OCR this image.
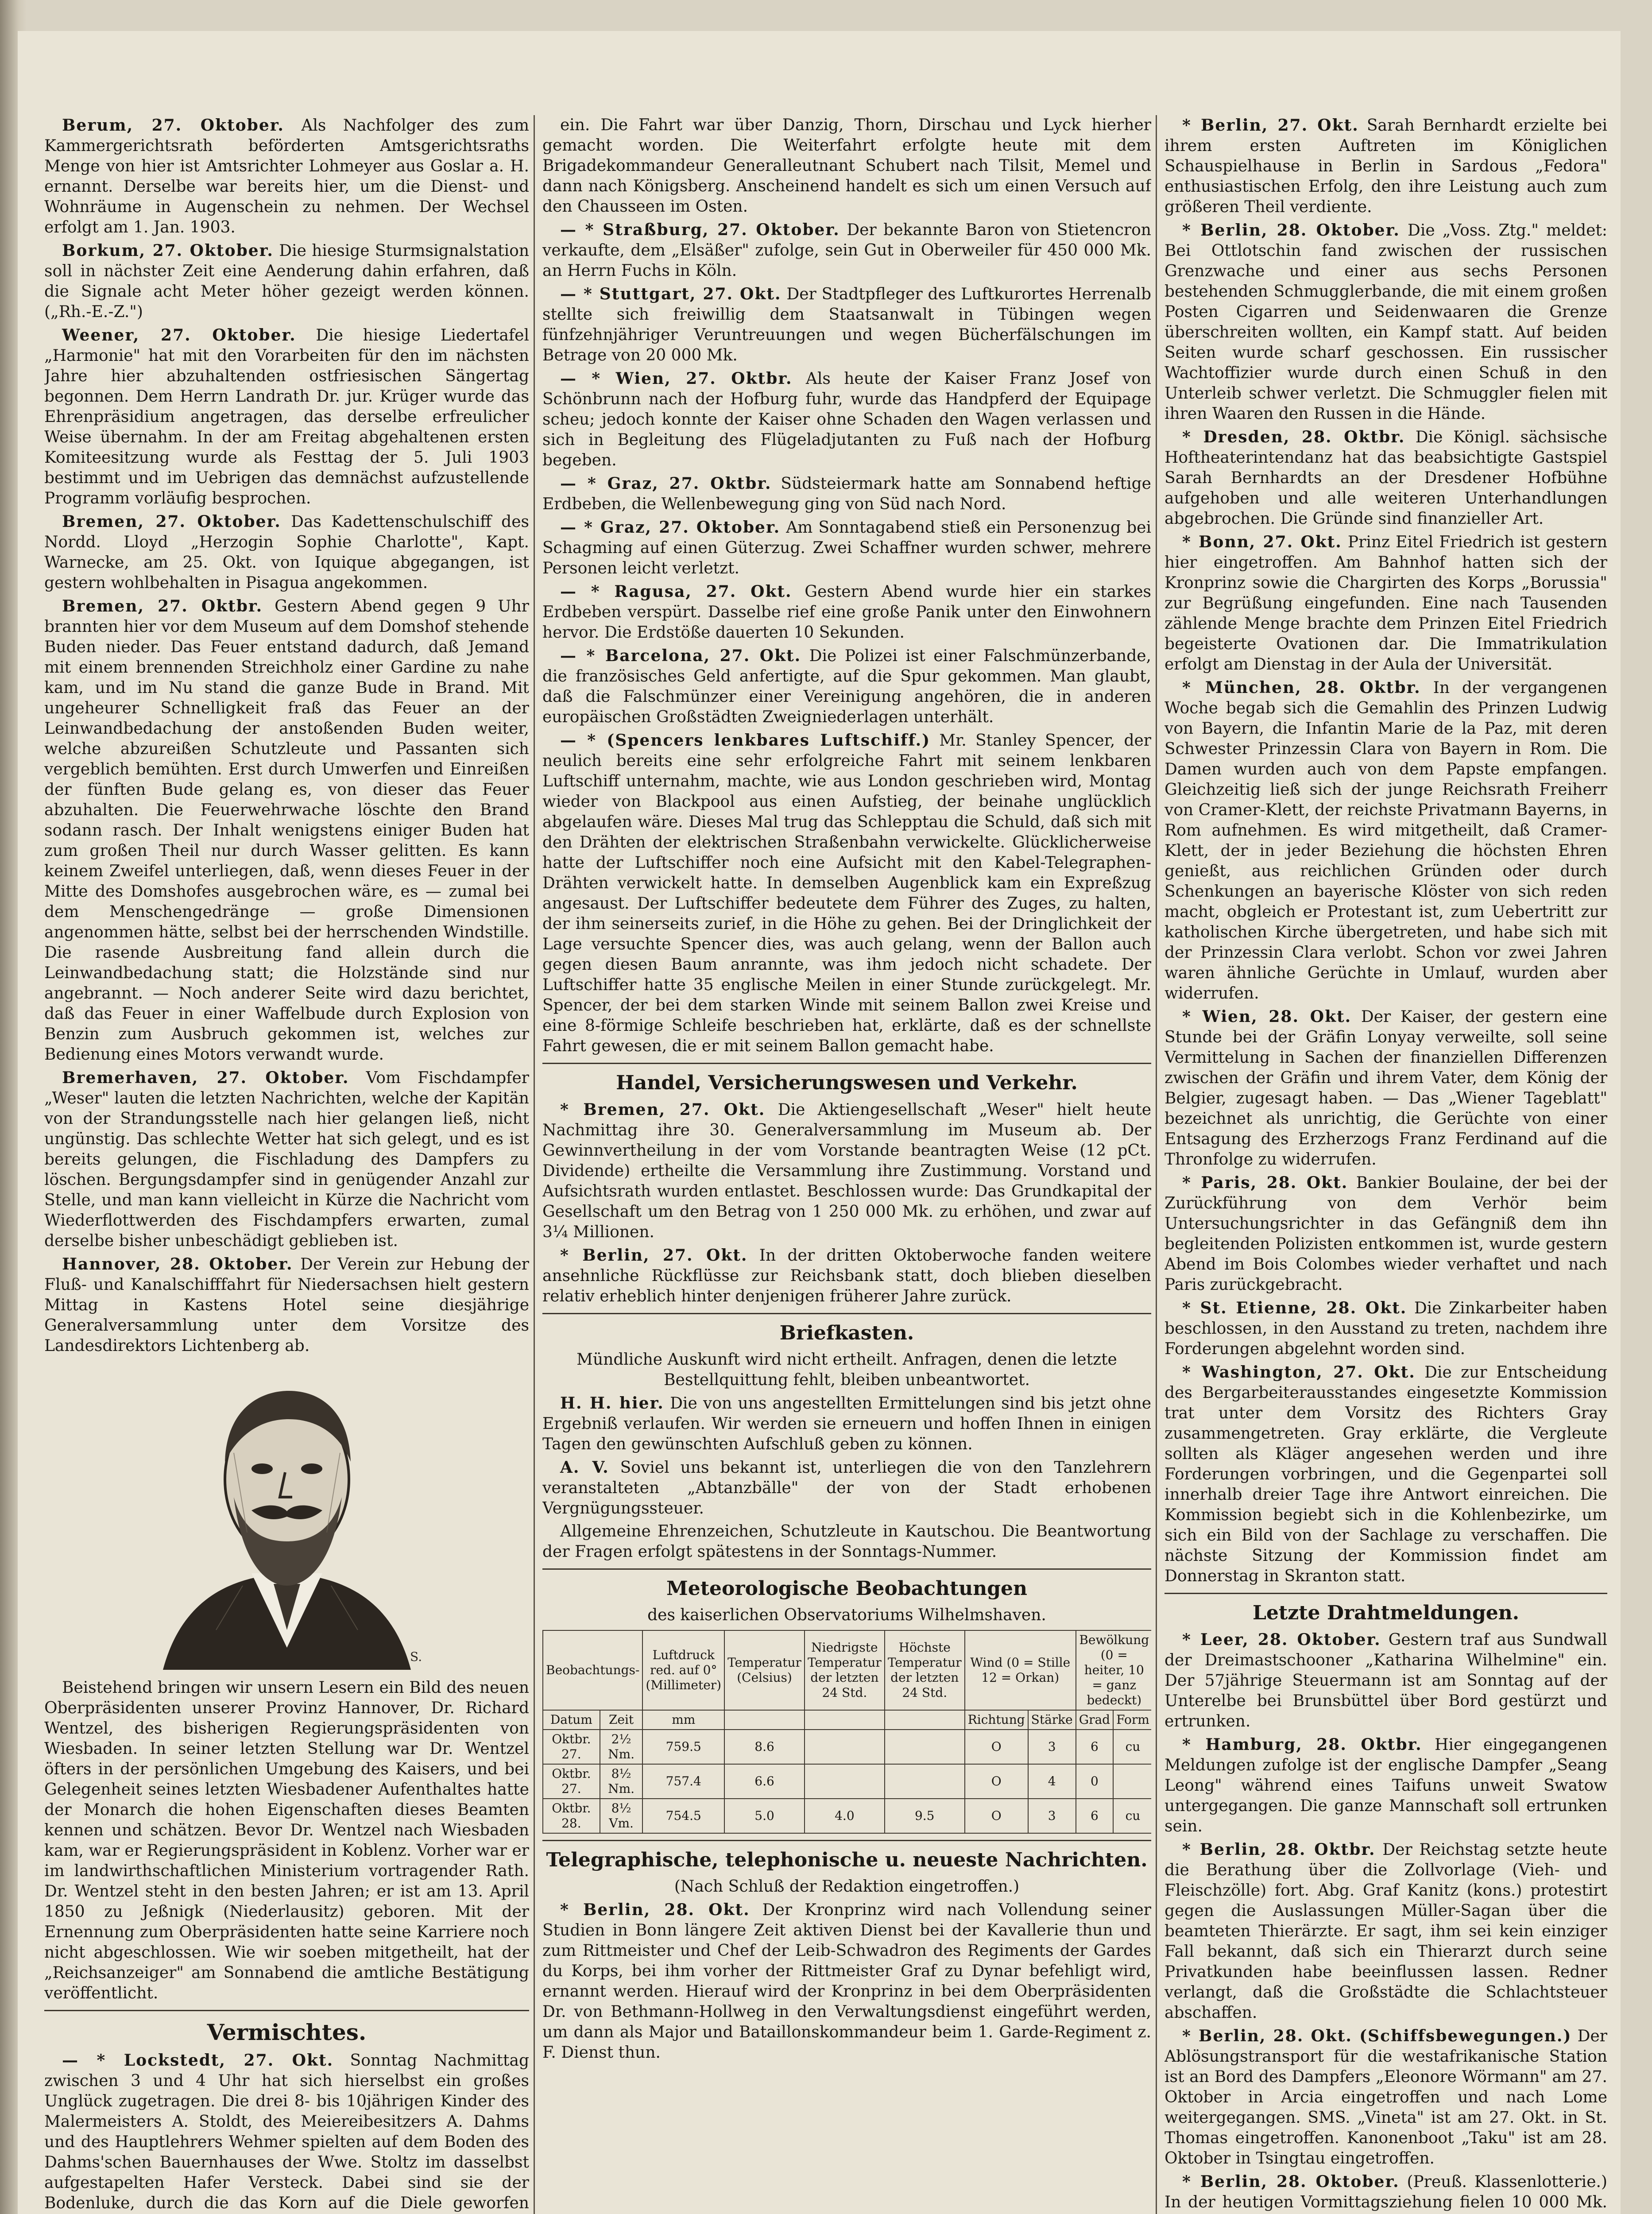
Berum, 27. Oktober. Als Nachfolger des zum Kammergerichtsrath beförderten Amtsgerichtsraths Menge von hier ist Amtsrichter Lohmeyer aus Goslar a. H. ernannt. Derselbe war bereits hier, um die Dienst- und Wohnräume in Augenschein zu nehmen. Der Wechsel erfolgt am 1. Jan. 1903.

Borkum, 27. Oktober. Die hiesige Sturmsignalstation soll in nächster Zeit eine Aenderung dahin erfahren, daß die Signale acht Meter höher gezeigt werden können. („Rh.-E.-Z.")

Weener, 27. Oktober. Die hiesige Liedertafel „Harmonie" hat mit den Vorarbeiten für den im nächsten Jahre hier abzuhaltenden ostfriesischen Sängertag begonnen. Dem Herrn Landrath Dr. jur. Krüger wurde das Ehrenpräsidium angetragen, das derselbe erfreulicher Weise übernahm. In der am Freitag abgehaltenen ersten Komiteesitzung wurde als Festtag der 5. Juli 1903 bestimmt und im Uebrigen das demnächst aufzustellende Programm vorläufig besprochen.

Bremen, 27. Oktober. Das Kadettenschulschiff des Nordd. Lloyd „Herzogin Sophie Charlotte", Kapt. Warnecke, am 25. Okt. von Iquique abgegangen, ist gestern wohlbehalten in Pisagua angekommen.

Bremen, 27. Oktbr. Gestern Abend gegen 9 Uhr brannten hier vor dem Museum auf dem Domshof stehende Buden nieder. Das Feuer entstand dadurch, daß Jemand mit einem brennenden Streichholz einer Gardine zu nahe kam, und im Nu stand die ganze Bude in Brand. Mit ungeheurer Schnelligkeit fraß das Feuer an der Leinwandbedachung der anstoßenden Buden weiter, welche abzureißen Schutzleute und Passanten sich vergeblich bemühten. Erst durch Umwerfen und Einreißen der fünften Bude gelang es, von dieser das Feuer abzuhalten. Die Feuerwehrwache löschte den Brand sodann rasch. Der Inhalt wenigstens einiger Buden hat zum großen Theil nur durch Wasser gelitten. Es kann keinem Zweifel unterliegen, daß, wenn dieses Feuer in der Mitte des Domshofes ausgebrochen wäre, es — zumal bei dem Menschengedränge — große Dimensionen angenommen hätte, selbst bei der herrschenden Windstille. Die rasende Ausbreitung fand allein durch die Leinwandbedachung statt; die Holzstände sind nur angebrannt. — Noch anderer Seite wird dazu berichtet, daß das Feuer in einer Waffelbude durch Explosion von Benzin zum Ausbruch gekommen ist, welches zur Bedienung eines Motors verwandt wurde.

Bremerhaven, 27. Oktober. Vom Fischdampfer „Weser" lauten die letzten Nachrichten, welche der Kapitän von der Strandungsstelle nach hier gelangen ließ, nicht ungünstig. Das schlechte Wetter hat sich gelegt, und es ist bereits gelungen, die Fischladung des Dampfers zu löschen. Bergungsdampfer sind in genügender Anzahl zur Stelle, und man kann vielleicht in Kürze die Nachricht vom Wiederflottwerden des Fischdampfers erwarten, zumal derselbe bisher unbeschädigt geblieben ist.

Hannover, 28. Oktober. Der Verein zur Hebung der Fluß- und Kanalschifffahrt für Niedersachsen hielt gestern Mittag in Kastens Hotel seine diesjährige Generalversammlung unter dem Vorsitze des Landesdirektors Lichtenberg ab.

A. S.

Beistehend bringen wir unsern Lesern ein Bild des neuen Oberpräsidenten unserer Provinz Hannover, Dr. Richard Wentzel, des bisherigen Regierungspräsidenten von Wiesbaden. In seiner letzten Stellung war Dr. Wentzel öfters in der persönlichen Umgebung des Kaisers, und bei Gelegenheit seines letzten Wiesbadener Aufenthaltes hatte der Monarch die hohen Eigenschaften dieses Beamten kennen und schätzen. Bevor Dr. Wentzel nach Wiesbaden kam, war er Regierungspräsident in Koblenz. Vorher war er im landwirthschaftlichen Ministerium vortragender Rath. Dr. Wentzel steht in den besten Jahren; er ist am 13. April 1850 zu Jeßnigk (Niederlausitz) geboren. Mit der Ernennung zum Oberpräsidenten hatte seine Karriere noch nicht abgeschlossen. Wie wir soeben mitgetheilt, hat der „Reichsanzeiger" am Sonnabend die amtliche Bestätigung veröffentlicht.

Vermischtes.

— * Lockstedt, 27. Okt. Sonntag Nachmittag zwischen 3 und 4 Uhr hat sich hierselbst ein großes Unglück zugetragen. Die drei 8- bis 10jährigen Kinder des Malermeisters A. Stoldt, des Meiereibesitzers A. Dahms und des Hauptlehrers Wehmer spielten auf dem Boden des Dahms'schen Bauernhauses der Wwe. Stoltz im dasselbst aufgestapelten Hafer Versteck. Dabei sind sie der Bodenluke, durch die das Korn auf die Diele geworfen

ein. Die Fahrt war über Danzig, Thorn, Dirschau und Lyck hierher gemacht worden. Die Weiterfahrt erfolgte heute mit dem Brigadekommandeur Generalleutnant Schubert nach Tilsit, Memel und dann nach Königsberg. Anscheinend handelt es sich um einen Versuch auf den Chausseen im Osten.

— * Straßburg, 27. Oktober. Der bekannte Baron von Stietencron verkaufte, dem „Elsäßer" zufolge, sein Gut in Oberweiler für 450 000 Mk. an Herrn Fuchs in Köln.

— * Stuttgart, 27. Okt. Der Stadtpfleger des Luftkurortes Herrenalb stellte sich freiwillig dem Staatsanwalt in Tübingen wegen fünfzehnjähriger Veruntreuungen und wegen Bücherfälschungen im Betrage von 20 000 Mk.

— * Wien, 27. Oktbr. Als heute der Kaiser Franz Josef von Schönbrunn nach der Hofburg fuhr, wurde das Handpferd der Equipage scheu; jedoch konnte der Kaiser ohne Schaden den Wagen verlassen und sich in Begleitung des Flügeladjutanten zu Fuß nach der Hofburg begeben.

— * Graz, 27. Oktbr. Südsteiermark hatte am Sonnabend heftige Erdbeben, die Wellenbewegung ging von Süd nach Nord.

— * Graz, 27. Oktober. Am Sonntagabend stieß ein Personenzug bei Schagming auf einen Güterzug. Zwei Schaffner wurden schwer, mehrere Personen leicht verletzt.

— * Ragusa, 27. Okt. Gestern Abend wurde hier ein starkes Erdbeben verspürt. Dasselbe rief eine große Panik unter den Einwohnern hervor. Die Erdstöße dauerten 10 Sekunden.

— * Barcelona, 27. Okt. Die Polizei ist einer Falschmünzerbande, die französisches Geld anfertigte, auf die Spur gekommen. Man glaubt, daß die Falschmünzer einer Vereinigung angehören, die in anderen europäischen Großstädten Zweigniederlagen unterhält.

— * (Spencers lenkbares Luftschiff.) Mr. Stanley Spencer, der neulich bereits eine sehr erfolgreiche Fahrt mit seinem lenkbaren Luftschiff unternahm, machte, wie aus London geschrieben wird, Montag wieder von Blackpool aus einen Aufstieg, der beinahe unglücklich abgelaufen wäre. Dieses Mal trug das Schlepptau die Schuld, daß sich mit den Drähten der elektrischen Straßenbahn verwickelte. Glücklicherweise hatte der Luftschiffer noch eine Aufsicht mit den Kabel-Telegraphen-Drähten verwickelt hatte. In demselben Augenblick kam ein Expreßzug angesaust. Der Luftschiffer bedeutete dem Führer des Zuges, zu halten, der ihm seinerseits zurief, in die Höhe zu gehen. Bei der Dringlichkeit der Lage versuchte Spencer dies, was auch gelang, wenn der Ballon auch gegen diesen Baum anrannte, was ihm jedoch nicht schadete. Der Luftschiffer hatte 35 englische Meilen in einer Stunde zurückgelegt. Mr. Spencer, der bei dem starken Winde mit seinem Ballon zwei Kreise und eine 8-förmige Schleife beschrieben hat, erklärte, daß es der schnellste Fahrt gewesen, die er mit seinem Ballon gemacht habe.

Handel, Versicherungswesen und Verkehr.

* Bremen, 27. Okt. Die Aktiengesellschaft „Weser" hielt heute Nachmittag ihre 30. Generalversammlung im Museum ab. Der Gewinnvertheilung in der vom Vorstande beantragten Weise (12 pCt. Dividende) ertheilte die Versammlung ihre Zustimmung. Vorstand und Aufsichtsrath wurden entlastet. Beschlossen wurde: Das Grundkapital der Gesellschaft um den Betrag von 1 250 000 Mk. zu erhöhen, und zwar auf 3¼ Millionen.

* Berlin, 27. Okt. In der dritten Oktoberwoche fanden weitere ansehnliche Rückflüsse zur Reichsbank statt, doch blieben dieselben relativ erheblich hinter denjenigen früherer Jahre zurück.

Briefkasten.

Mündliche Auskunft wird nicht ertheilt. Anfragen, denen die letzte Bestellquittung fehlt, bleiben unbeantwortet.

H. H. hier. Die von uns angestellten Ermittelungen sind bis jetzt ohne Ergebniß verlaufen. Wir werden sie erneuern und hoffen Ihnen in einigen Tagen den gewünschten Aufschluß geben zu können.

A. V. Soviel uns bekannt ist, unterliegen die von den Tanzlehrern veranstalteten „Abtanzbälle" der von der Stadt erhobenen Vergnügungssteuer.

Allgemeine Ehrenzeichen, Schutzleute in Kautschou. Die Beantwortung der Fragen erfolgt spätestens in der Sonntags-Nummer.

Meteorologische Beobachtungen

des kaiserlichen Observatoriums Wilhelmshaven.

Beobachtungs-		Luftdruck red. auf 0° (Millimeter)	Temperatur (Celsius)	Niedrigste Temperatur der letzten 24 Std.	Höchste Temperatur der letzten 24 Std.	Wind (0 = Stille 12 = Orkan)		Bewölkung (0 = heiter, 10 = ganz bedeckt)	
Datum	Zeit	mm				Richtung	Stärke	Grad	Form	
Oktbr. 27.	2½ Nm.	759.5	8.6			O	3	6	cu	
Oktbr. 27.	8½ Nm.	757.4	6.6			O	4	0		
Oktbr. 28.	8½ Vm.	754.5	5.0	4.0	9.5	O	3	6	cu	
Telegraphische, telephonische u. neueste Nachrichten.

(Nach Schluß der Redaktion eingetroffen.)

* Berlin, 28. Okt. Der Kronprinz wird nach Vollendung seiner Studien in Bonn längere Zeit aktiven Dienst bei der Kavallerie thun und zum Rittmeister und Chef der Leib-Schwadron des Regiments der Gardes du Korps, bei ihm vorher der Rittmeister Graf zu Dynar befehligt wird, ernannt werden. Hierauf wird der Kronprinz in bei dem Oberpräsidenten Dr. von Bethmann-Hollweg in den Verwaltungsdienst eingeführt werden, um dann als Major und Bataillonskommandeur beim 1. Garde-Regiment z. F. Dienst thun.

* Berlin, 27. Okt. Sarah Bernhardt erzielte bei ihrem ersten Auftreten im Königlichen Schauspielhause in Berlin in Sardous „Fedora" enthusiastischen Erfolg, den ihre Leistung auch zum größeren Theil verdiente.

* Berlin, 28. Oktober. Die „Voss. Ztg." meldet: Bei Ottlotschin fand zwischen der russischen Grenzwache und einer aus sechs Personen bestehenden Schmugglerbande, die mit einem großen Posten Cigarren und Seidenwaaren die Grenze überschreiten wollten, ein Kampf statt. Auf beiden Seiten wurde scharf geschossen. Ein russischer Wachtoffizier wurde durch einen Schuß in den Unterleib schwer verletzt. Die Schmuggler fielen mit ihren Waaren den Russen in die Hände.

* Dresden, 28. Oktbr. Die Königl. sächsische Hoftheaterintendanz hat das beabsichtigte Gastspiel Sarah Bernhardts an der Dresdener Hofbühne aufgehoben und alle weiteren Unterhandlungen abgebrochen. Die Gründe sind finanzieller Art.

* Bonn, 27. Okt. Prinz Eitel Friedrich ist gestern hier eingetroffen. Am Bahnhof hatten sich der Kronprinz sowie die Chargirten des Korps „Borussia" zur Begrüßung eingefunden. Eine nach Tausenden zählende Menge brachte dem Prinzen Eitel Friedrich begeisterte Ovationen dar. Die Immatrikulation erfolgt am Dienstag in der Aula der Universität.

* München, 28. Oktbr. In der vergangenen Woche begab sich die Gemahlin des Prinzen Ludwig von Bayern, die Infantin Marie de la Paz, mit deren Schwester Prinzessin Clara von Bayern in Rom. Die Damen wurden auch von dem Papste empfangen. Gleichzeitig ließ sich der junge Reichsrath Freiherr von Cramer-Klett, der reichste Privatmann Bayerns, in Rom aufnehmen. Es wird mitgetheilt, daß Cramer-Klett, der in jeder Beziehung die höchsten Ehren genießt, aus reichlichen Gründen oder durch Schenkungen an bayerische Klöster von sich reden macht, obgleich er Protestant ist, zum Uebertritt zur katholischen Kirche übergetreten, und habe sich mit der Prinzessin Clara verlobt. Schon vor zwei Jahren waren ähnliche Gerüchte in Umlauf, wurden aber widerrufen.

* Wien, 28. Okt. Der Kaiser, der gestern eine Stunde bei der Gräfin Lonyay verweilte, soll seine Vermittelung in Sachen der finanziellen Differenzen zwischen der Gräfin und ihrem Vater, dem König der Belgier, zugesagt haben. — Das „Wiener Tageblatt" bezeichnet als unrichtig, die Gerüchte von einer Entsagung des Erzherzogs Franz Ferdinand auf die Thronfolge zu widerrufen.

* Paris, 28. Okt. Bankier Boulaine, der bei der Zurückführung von dem Verhör beim Untersuchungsrichter in das Gefängniß dem ihn begleitenden Polizisten entkommen ist, wurde gestern Abend im Bois Colombes wieder verhaftet und nach Paris zurückgebracht.

* St. Etienne, 28. Okt. Die Zinkarbeiter haben beschlossen, in den Ausstand zu treten, nachdem ihre Forderungen abgelehnt worden sind.

* Washington, 27. Okt. Die zur Entscheidung des Bergarbeiterausstandes eingesetzte Kommission trat unter dem Vorsitz des Richters Gray zusammengetreten. Gray erklärte, die Vergleute sollten als Kläger angesehen werden und ihre Forderungen vorbringen, und die Gegenpartei soll innerhalb dreier Tage ihre Antwort einreichen. Die Kommission begiebt sich in die Kohlenbezirke, um sich ein Bild von der Sachlage zu verschaffen. Die nächste Sitzung der Kommission findet am Donnerstag in Skranton statt.

Letzte Drahtmeldungen.

* Leer, 28. Oktober. Gestern traf aus Sundwall der Dreimastschooner „Katharina Wilhelmine" ein. Der 57jährige Steuermann ist am Sonntag auf der Unterelbe bei Brunsbüttel über Bord gestürzt und ertrunken.

* Hamburg, 28. Oktbr. Hier eingegangenen Meldungen zufolge ist der englische Dampfer „Seang Leong" während eines Taifuns unweit Swatow untergegangen. Die ganze Mannschaft soll ertrunken sein.

* Berlin, 28. Oktbr. Der Reichstag setzte heute die Berathung über die Zollvorlage (Vieh- und Fleischzölle) fort. Abg. Graf Kanitz (kons.) protestirt gegen die Auslassungen Müller-Sagan über die beamteten Thierärzte. Er sagt, ihm sei kein einziger Fall bekannt, daß sich ein Thierarzt durch seine Privatkunden habe beeinflussen lassen. Redner verlangt, daß die Großstädte die Schlachtsteuer abschaffen.

* Berlin, 28. Okt. (Schiffsbewegungen.) Der Ablösungstransport für die westafrikanische Station ist an Bord des Dampfers „Eleonore Wörmann" am 27. Oktober in Arcia eingetroffen und nach Lome weitergegangen. SMS. „Vineta" ist am 27. Okt. in St. Thomas eingetroffen. Kanonenboot „Taku" ist am 28. Oktober in Tsingtau eingetroffen.

* Berlin, 28. Oktober. (Preuß. Klassenlotterie.) In der heutigen Vormittagsziehung fielen 10 000 Mk.
